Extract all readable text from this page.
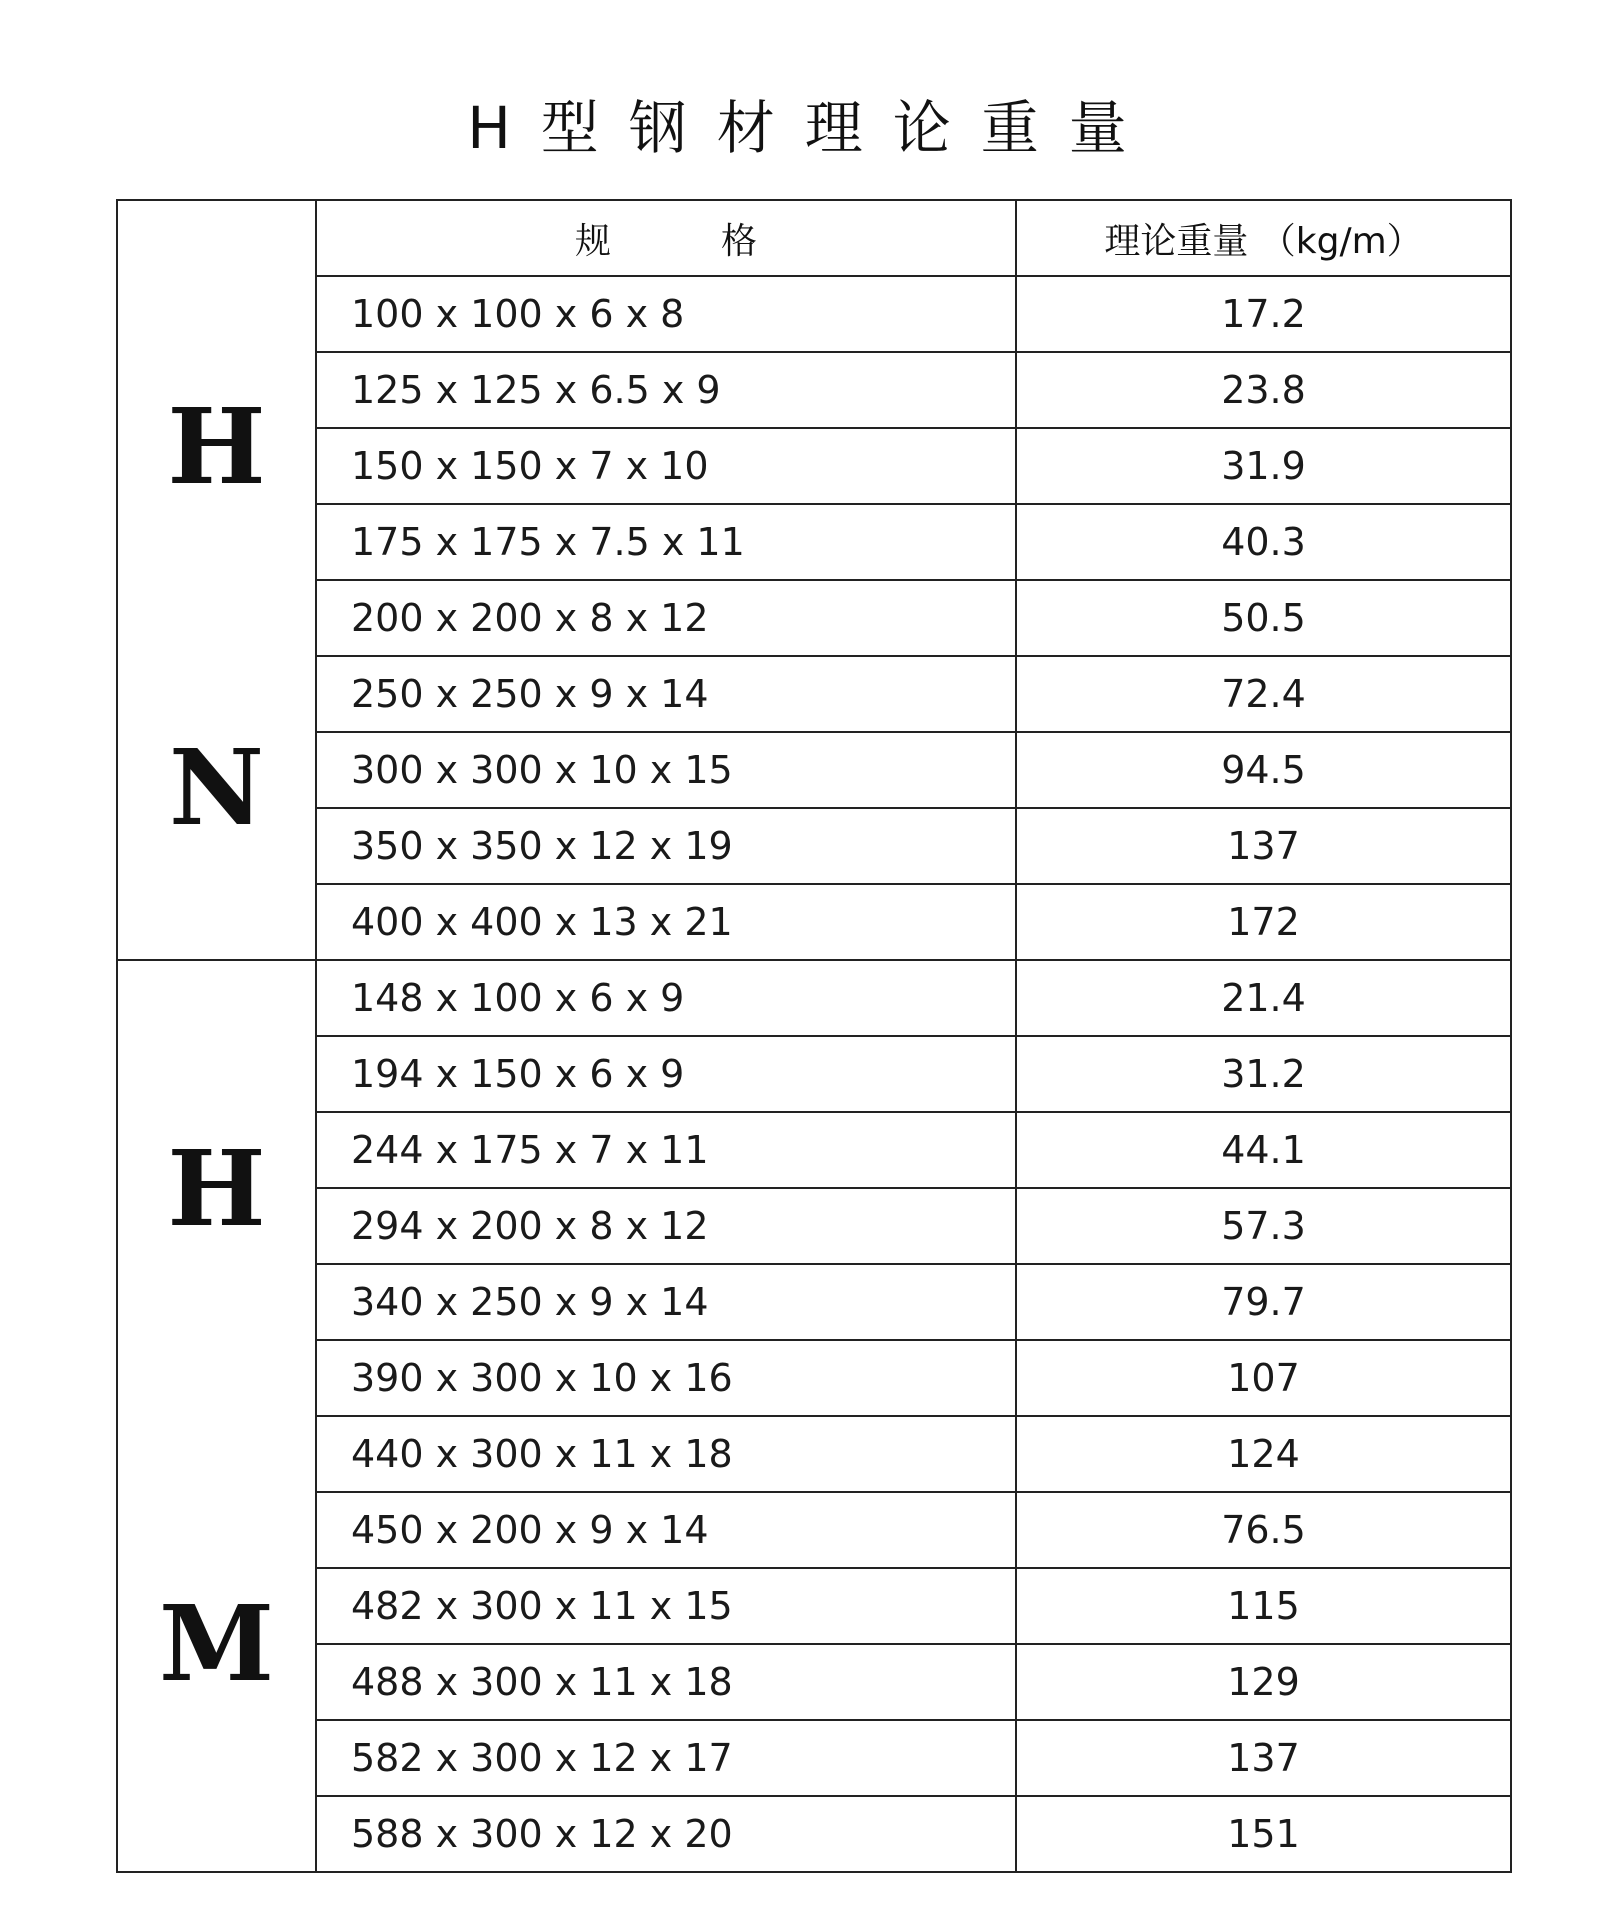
H型钢材理论重量
	规 格	理论重量 （kg/m）

H
N	100 x 100 x 6 x 8	17.2
	125 x 125 x 6.5 x 9	23.8
	150 x 150 x 7 x 10	31.9
	175 x 175 x 7.5 x 11	40.3
	200 x 200 x 8 x 12	50.5
	250 x 250 x 9 x 14	72.4
	300 x 300 x 10 x 15	94.5
	350 x 350 x 12 x 19	137
	400 x 400 x 13 x 21	172

H
M	148 x 100 x 6 x 9	21.4
	194 x 150 x 6 x 9	31.2
	244 x 175 x 7 x 11	44.1
	294 x 200 x 8 x 12	57.3
	340 x 250 x 9 x 14	79.7
	390 x 300 x 10 x 16	107
	440 x 300 x 11 x 18	124
	450 x 200 x 9 x 14	76.5
	482 x 300 x 11 x 15	115
	488 x 300 x 11 x 18	129
	582 x 300 x 12 x 17	137
	588 x 300 x 12 x 20	151
